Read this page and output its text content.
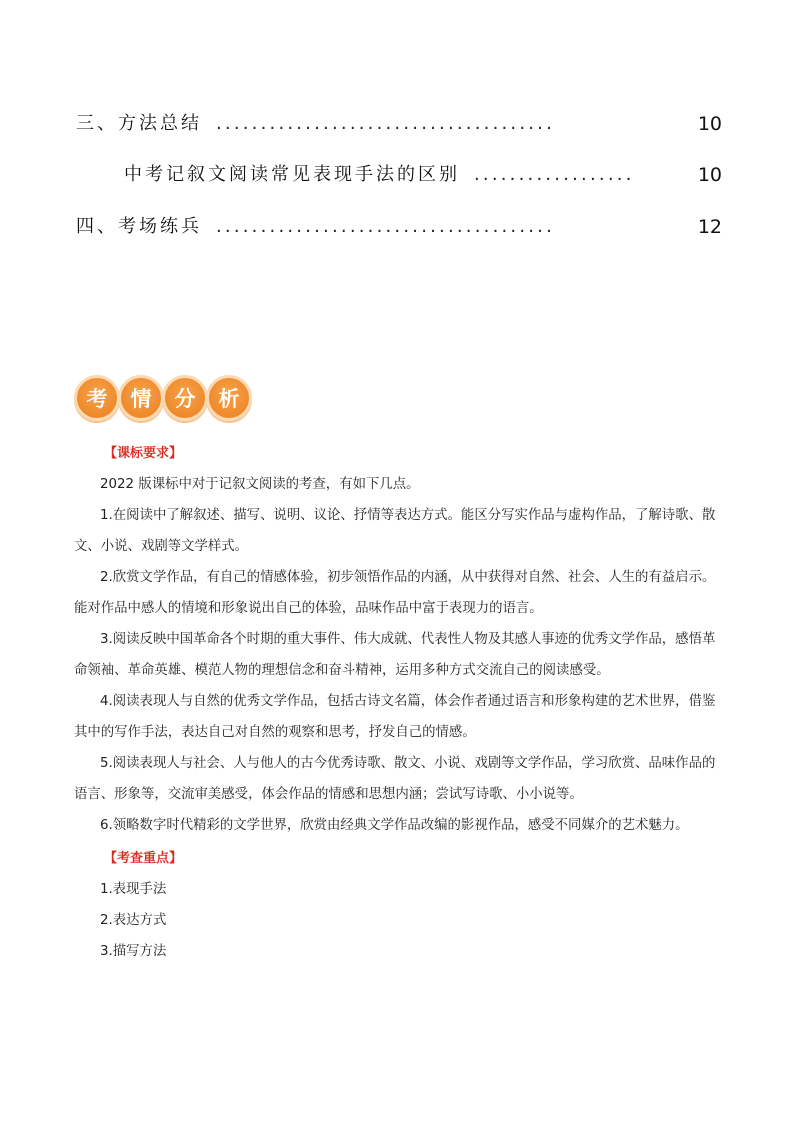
三、方法总结 ......................................	10
中考记叙文阅读常见表现手法的区别 ..................	10
四、考场练兵 ......................................	12
考	情	分	析

【课标要求】

2022 版课标中对于记叙文阅读的考查，有如下几点。

1.在阅读中了解叙述、描写、说明、议论、抒情等表达方式。能区分写实作品与虚构作品，了解诗歌、散文、小说、戏剧等文学样式。

2.欣赏文学作品，有自己的情感体验，初步领悟作品的内涵，从中获得对自然、社会、人生的有益启示。能对作品中感人的情境和形象说出自己的体验，品味作品中富于表现力的语言。

3.阅读反映中国革命各个时期的重大事件、伟大成就、代表性人物及其感人事迹的优秀文学作品，感悟革命领袖、革命英雄、模范人物的理想信念和奋斗精神，运用多种方式交流自己的阅读感受。

4.阅读表现人与自然的优秀文学作品，包括古诗文名篇，体会作者通过语言和形象构建的艺术世界，借鉴其中的写作手法，表达自己对自然的观察和思考，抒发自己的情感。

5.阅读表现人与社会、人与他人的古今优秀诗歌、散文、小说、戏剧等文学作品，学习欣赏、品味作品的语言、形象等，交流审美感受，体会作品的情感和思想内涵；尝试写诗歌、小小说等。

6.领略数字时代精彩的文学世界，欣赏由经典文学作品改编的影视作品，感受不同媒介的艺术魅力。

【考查重点】

1.表现手法

2.表达方式

3.描写方法
